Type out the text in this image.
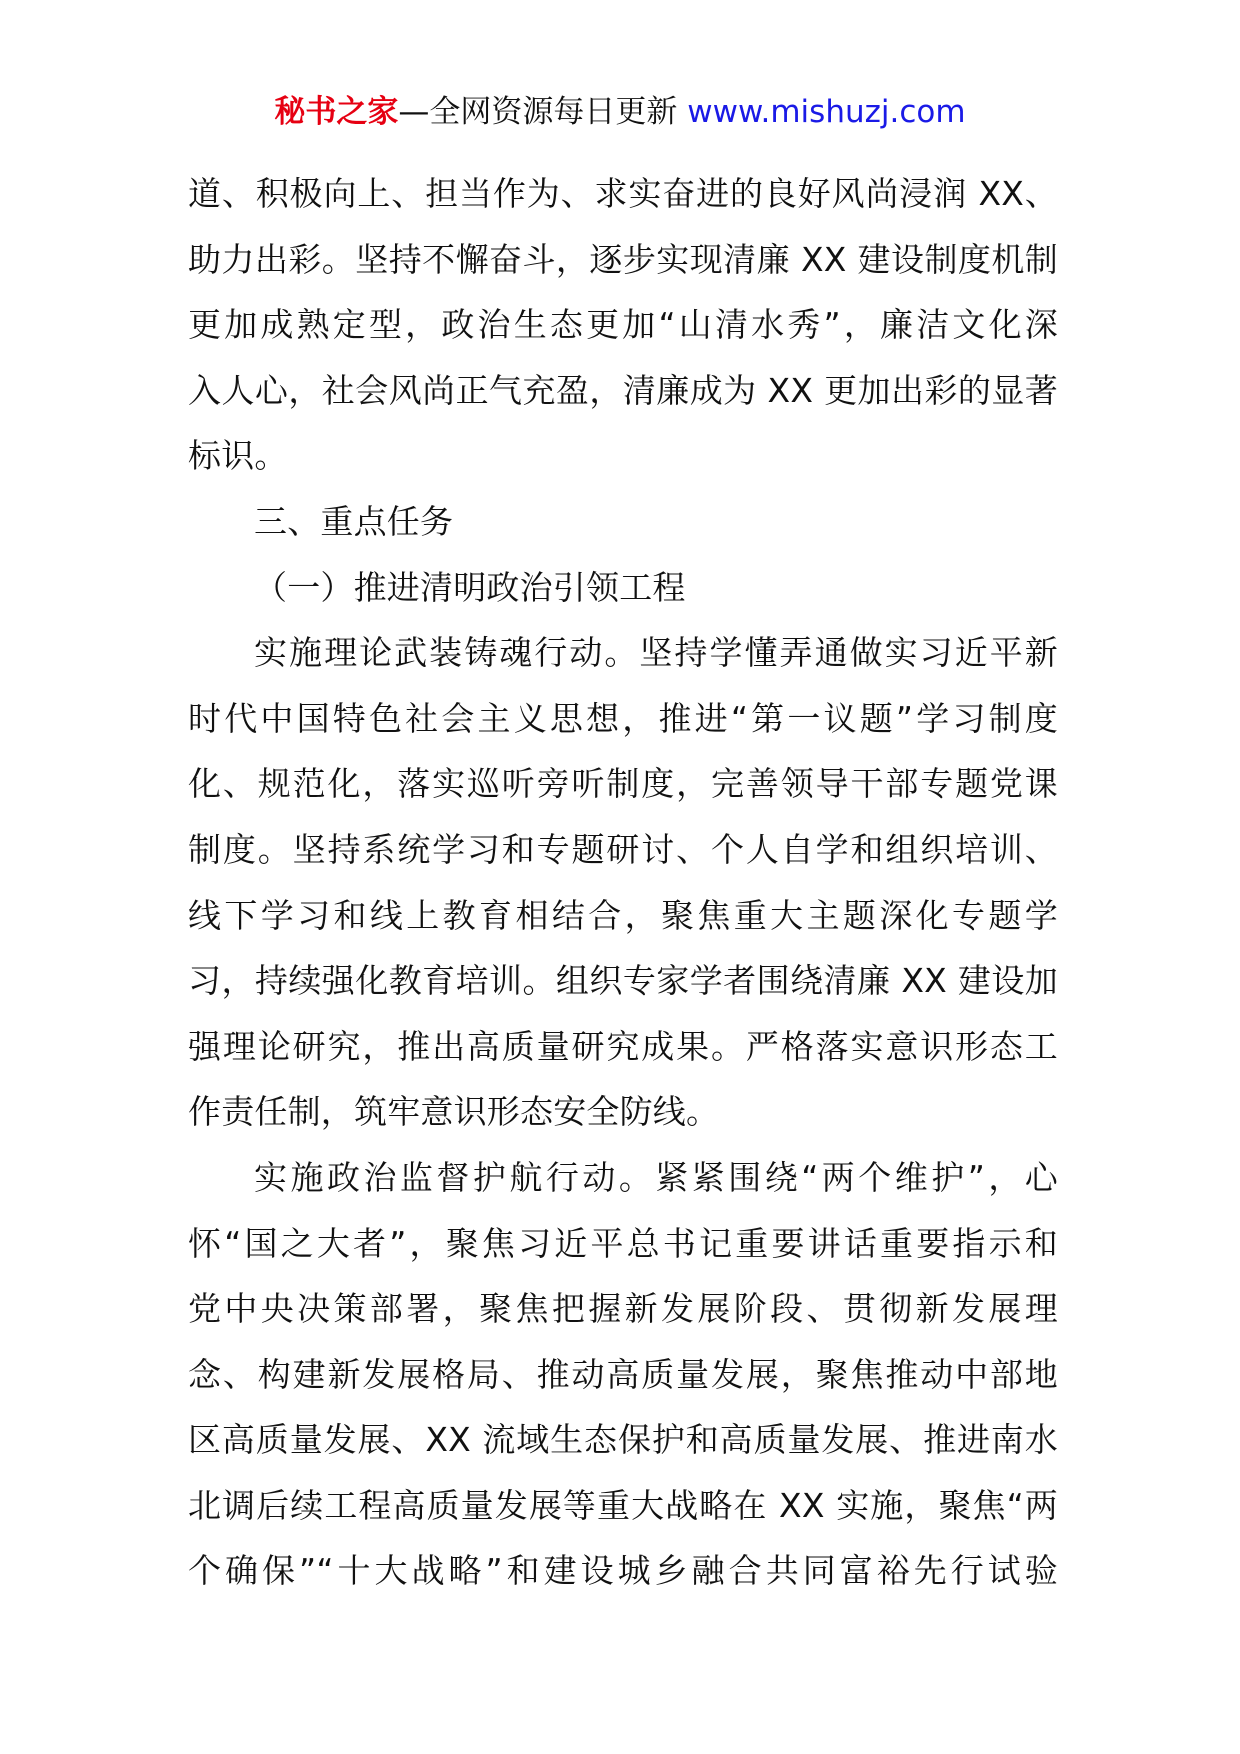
秘书之家—全网资源每日更新 www.mishuzj.com
道、积极向上、担当作为、求实奋进的良好风尚浸润 XX、
助力出彩。坚持不懈奋斗，逐步实现清廉 XX 建设制度机制
更加成熟定型，政治生态更加“山清水秀”，廉洁文化深
入人心，社会风尚正气充盈，清廉成为 XX 更加出彩的显著
标识。
三、重点任务
（一）推进清明政治引领工程
实施理论武装铸魂行动。坚持学懂弄通做实习近平新
时代中国特色社会主义思想，推进“第一议题”学习制度
化、规范化，落实巡听旁听制度，完善领导干部专题党课
制度。坚持系统学习和专题研讨、个人自学和组织培训、
线下学习和线上教育相结合，聚焦重大主题深化专题学
习，持续强化教育培训。组织专家学者围绕清廉 XX 建设加
强理论研究，推出高质量研究成果。严格落实意识形态工
作责任制，筑牢意识形态安全防线。
实施政治监督护航行动。紧紧围绕“两个维护”，心
怀“国之大者”，聚焦习近平总书记重要讲话重要指示和
党中央决策部署，聚焦把握新发展阶段、贯彻新发展理
念、构建新发展格局、推动高质量发展，聚焦推动中部地
区高质量发展、XX 流域生态保护和高质量发展、推进南水
北调后续工程高质量发展等重大战略在 XX 实施，聚焦“两
个确保”“十大战略”和建设城乡融合共同富裕先行试验
